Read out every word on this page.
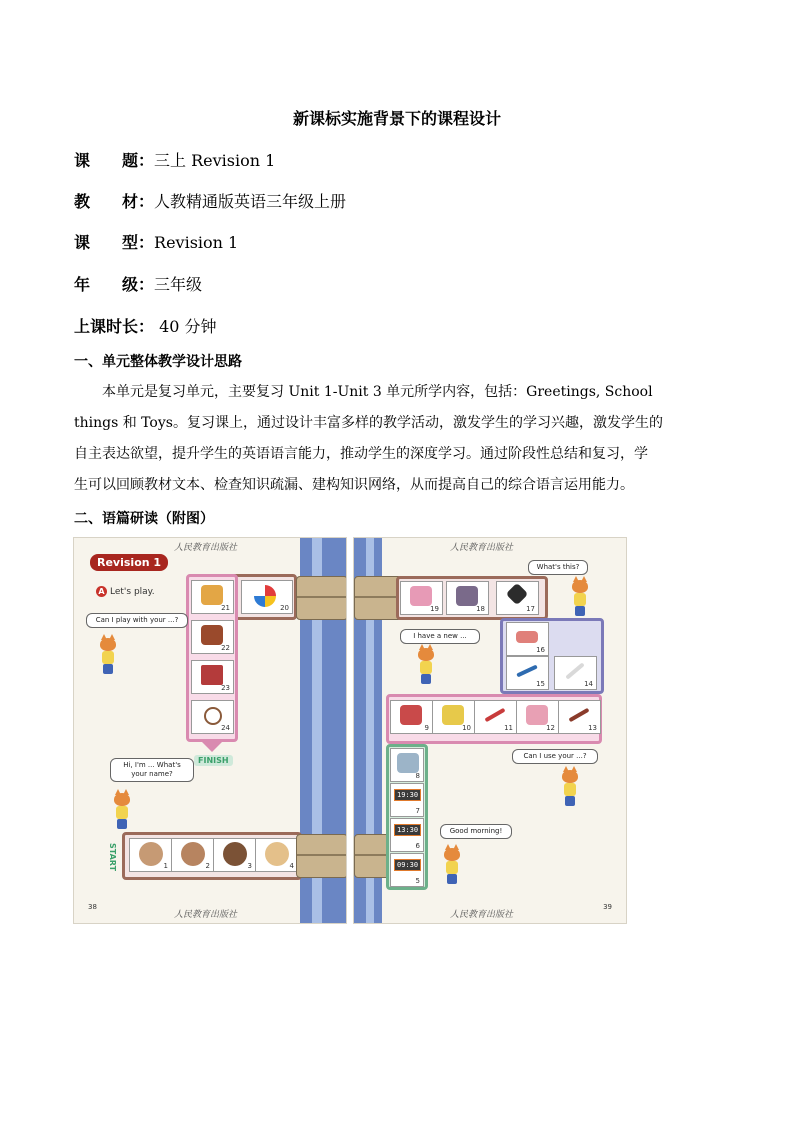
新课标实施背景下的课程设计
课　　题：三上 Revision 1
教　　材：人教精通版英语三年级上册
课　　型：Revision 1
年　　级：三年级
上课时长： 40 分钟
一、单元整体教学设计思路
　　本单元是复习单元，主要复习 Unit 1-Unit 3 单元所学内容，包括：Greetings, School
things 和 Toys。复习课上，通过设计丰富多样的教学活动，激发学生的学习兴趣，激发学生的
自主表达欲望，提升学生的英语语言能力，推动学生的深度学习。通过阶段性总结和复习，学
生可以回顾教材文本、检查知识疏漏、建构知识网络，从而提高自己的综合语言运用能力。
二、语篇研读（附图）
人民教育出版社
Revision 1
A Let's play.
20
21
22
23
24
FINISH
Can I play with your ...?
Hi, I'm ... What's your name?
START	1	2	3	4
38
人民教育出版社
人民教育出版社
19	18	17
16
15	14
9	10	11	12	13
8
19:30
7
13:30
6
09:30
5
What's this?
I have a new ...
Can I use your ...?
Good morning!
39
人民教育出版社
